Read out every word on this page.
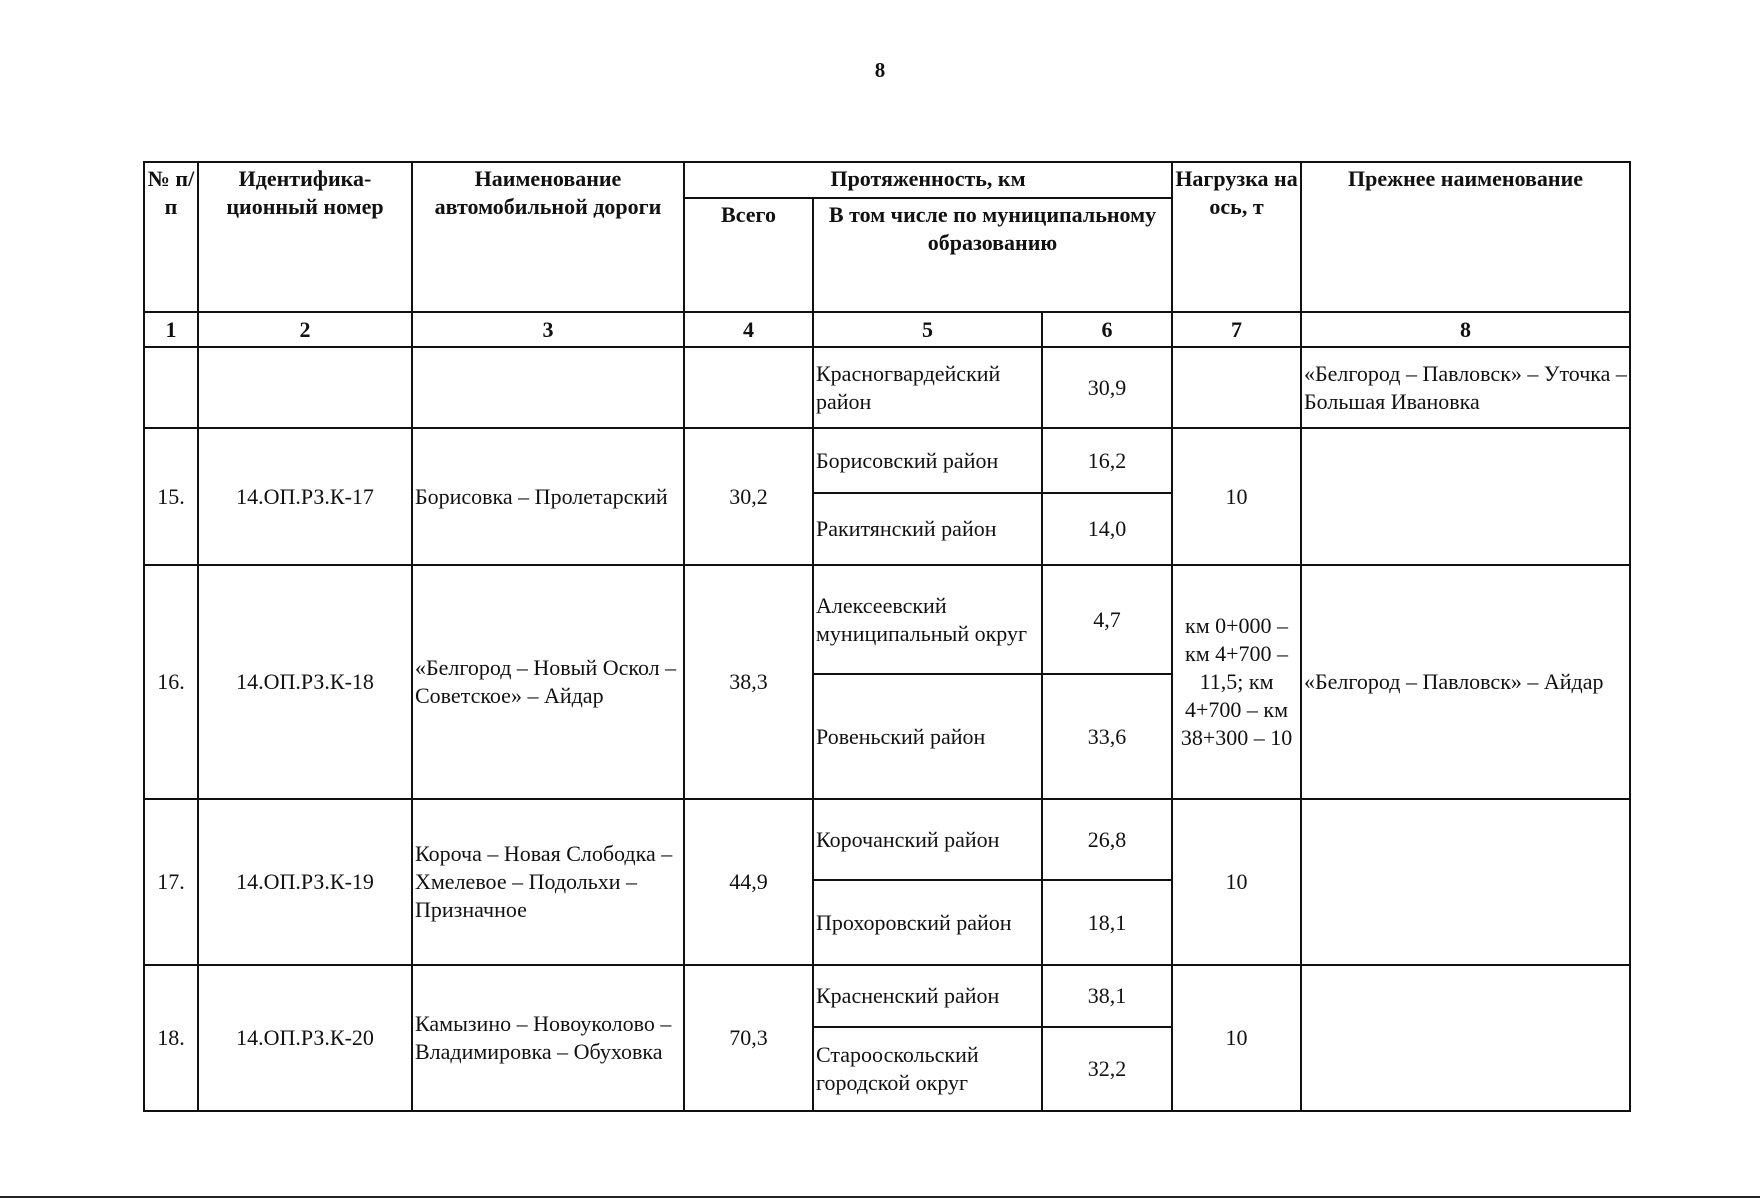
8
№ п/п	Идентифика-ционный номер	Наименование автомобильной дороги	Протяженность, км			Нагрузка на ось, т	Прежнее наименование
			Всего	В том числе по муниципальному образованию			
1	2	3	4	5	6	7	8
				Красногвардейский район	30,9		«Белгород – Павловск» – Уточка – Большая Ивановка
15.	14.ОП.РЗ.К-17	Борисовка – Пролетарский	30,2	Борисовский район	16,2	10	
				Ракитянский район	14,0		
16.	14.ОП.РЗ.К-18	«Белгород – Новый Оскол – Советское» – Айдар	38,3	Алексеевский муниципальный округ	4,7	км 0+000 – км 4+700 – 11,5; км 4+700 – км 38+300 – 10	«Белгород – Павловск» – Айдар
				Ровеньский район	33,6		
17.	14.ОП.РЗ.К-19	Короча – Новая Слободка – Хмелевое – Подольхи – Призначное	44,9	Корочанский район	26,8	10	
				Прохоровский район	18,1		
18.	14.ОП.РЗ.К-20	Камызино – Новоуколово – Владимировка – Обуховка	70,3	Красненский район	38,1	10	
				Старооскольский городской округ	32,2		
